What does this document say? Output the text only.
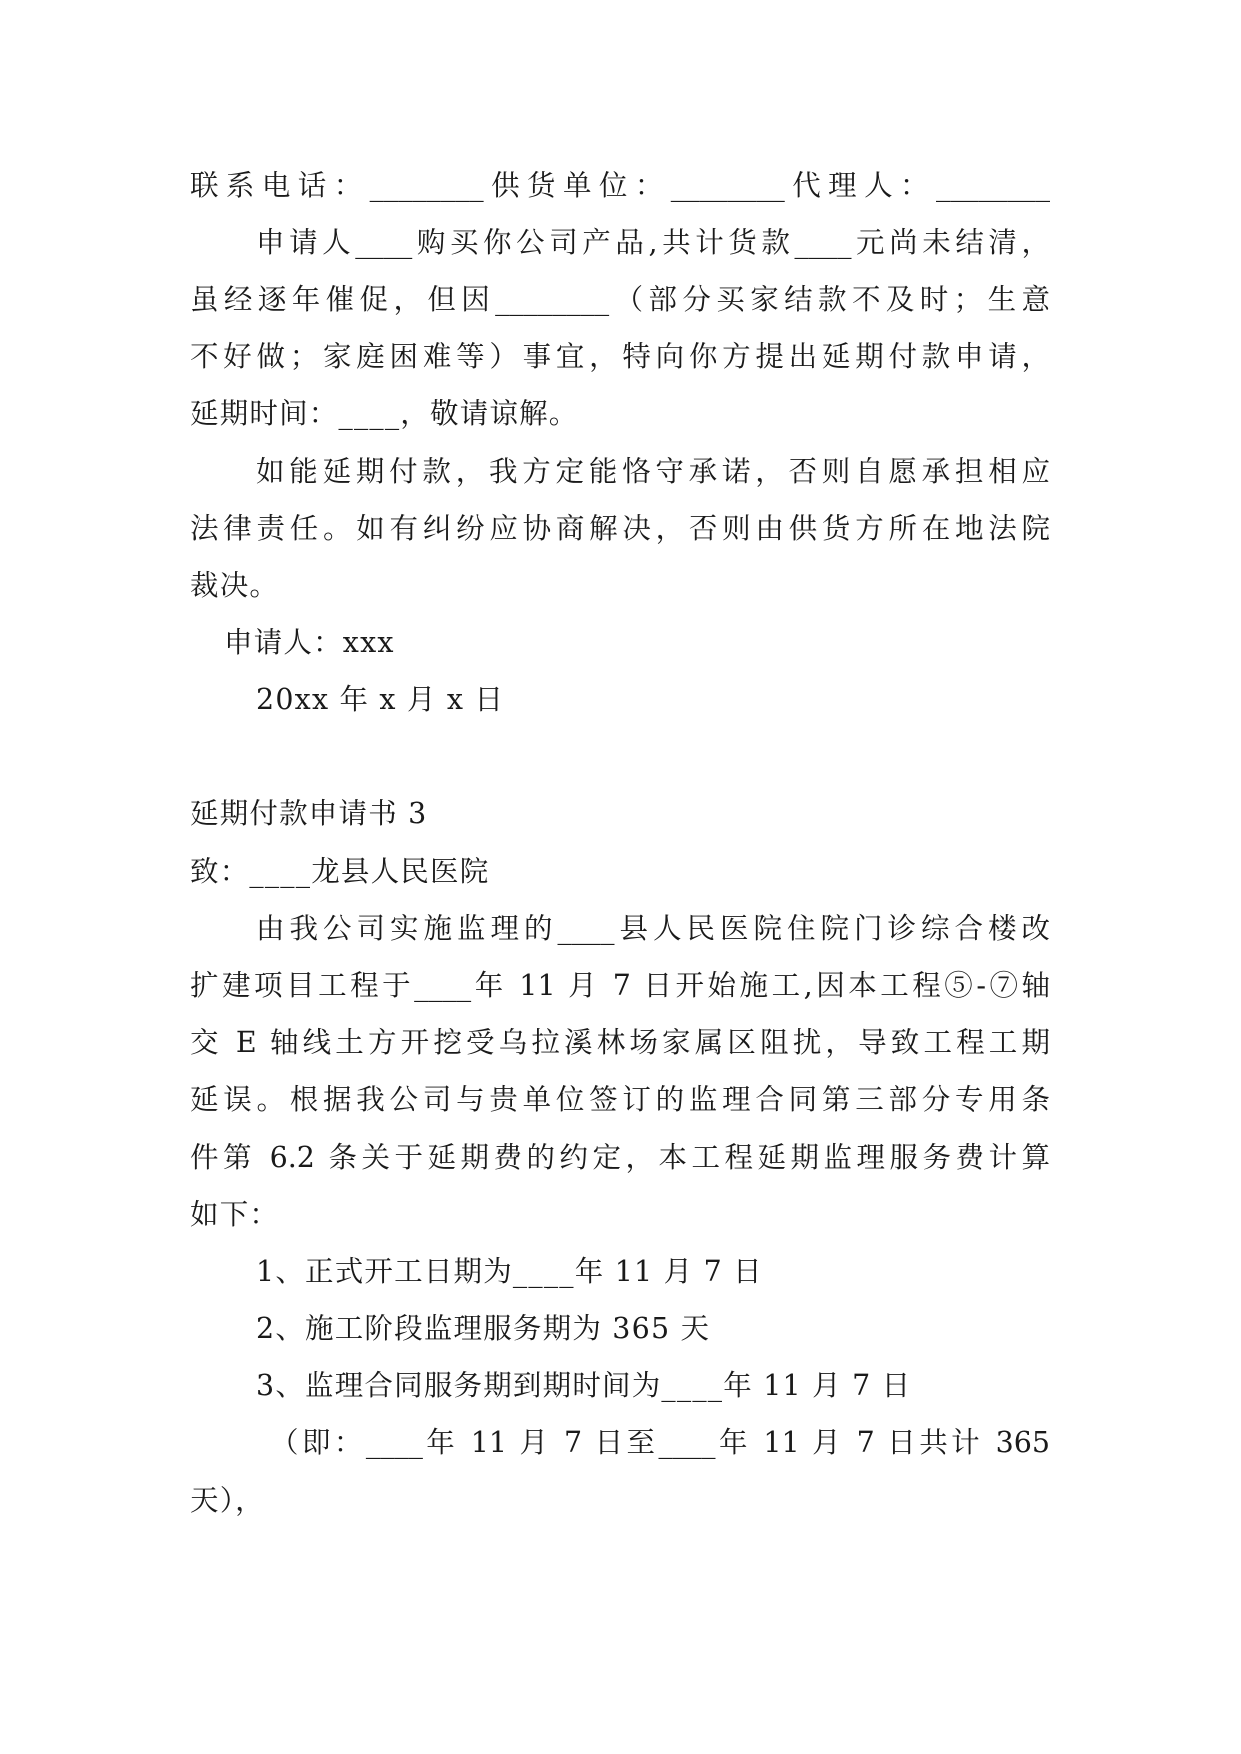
联系电话：________供货单位：________代理人：________
申请人____购买你公司产品,共计货款____元尚未结清，
虽经逐年催促，但因________（部分买家结款不及时；生意
不好做；家庭困难等）事宜，特向你方提出延期付款申请，
延期时间：____，敬请谅解。
如能延期付款，我方定能恪守承诺，否则自愿承担相应
法律责任。如有纠纷应协商解决，否则由供货方所在地法院
裁决。
申请人：xxx
20xx 年 x 月 x 日
延期付款申请书 3
致：____龙县人民医院
由我公司实施监理的____县人民医院住院门诊综合楼改
扩建项目工程于____年 11 月 7 日开始施工,因本工程⑤-⑦轴
交 E 轴线土方开挖受乌拉溪林场家属区阻扰，导致工程工期
延误。根据我公司与贵单位签订的监理合同第三部分专用条
件第 6.2 条关于延期费的约定，本工程延期监理服务费计算
如下：
1、正式开工日期为____年 11 月 7 日
2、施工阶段监理服务期为 365 天
3、监理合同服务期到期时间为____年 11 月 7 日
（即：____年 11 月 7 日至____年 11 月 7 日共计 365
天），
